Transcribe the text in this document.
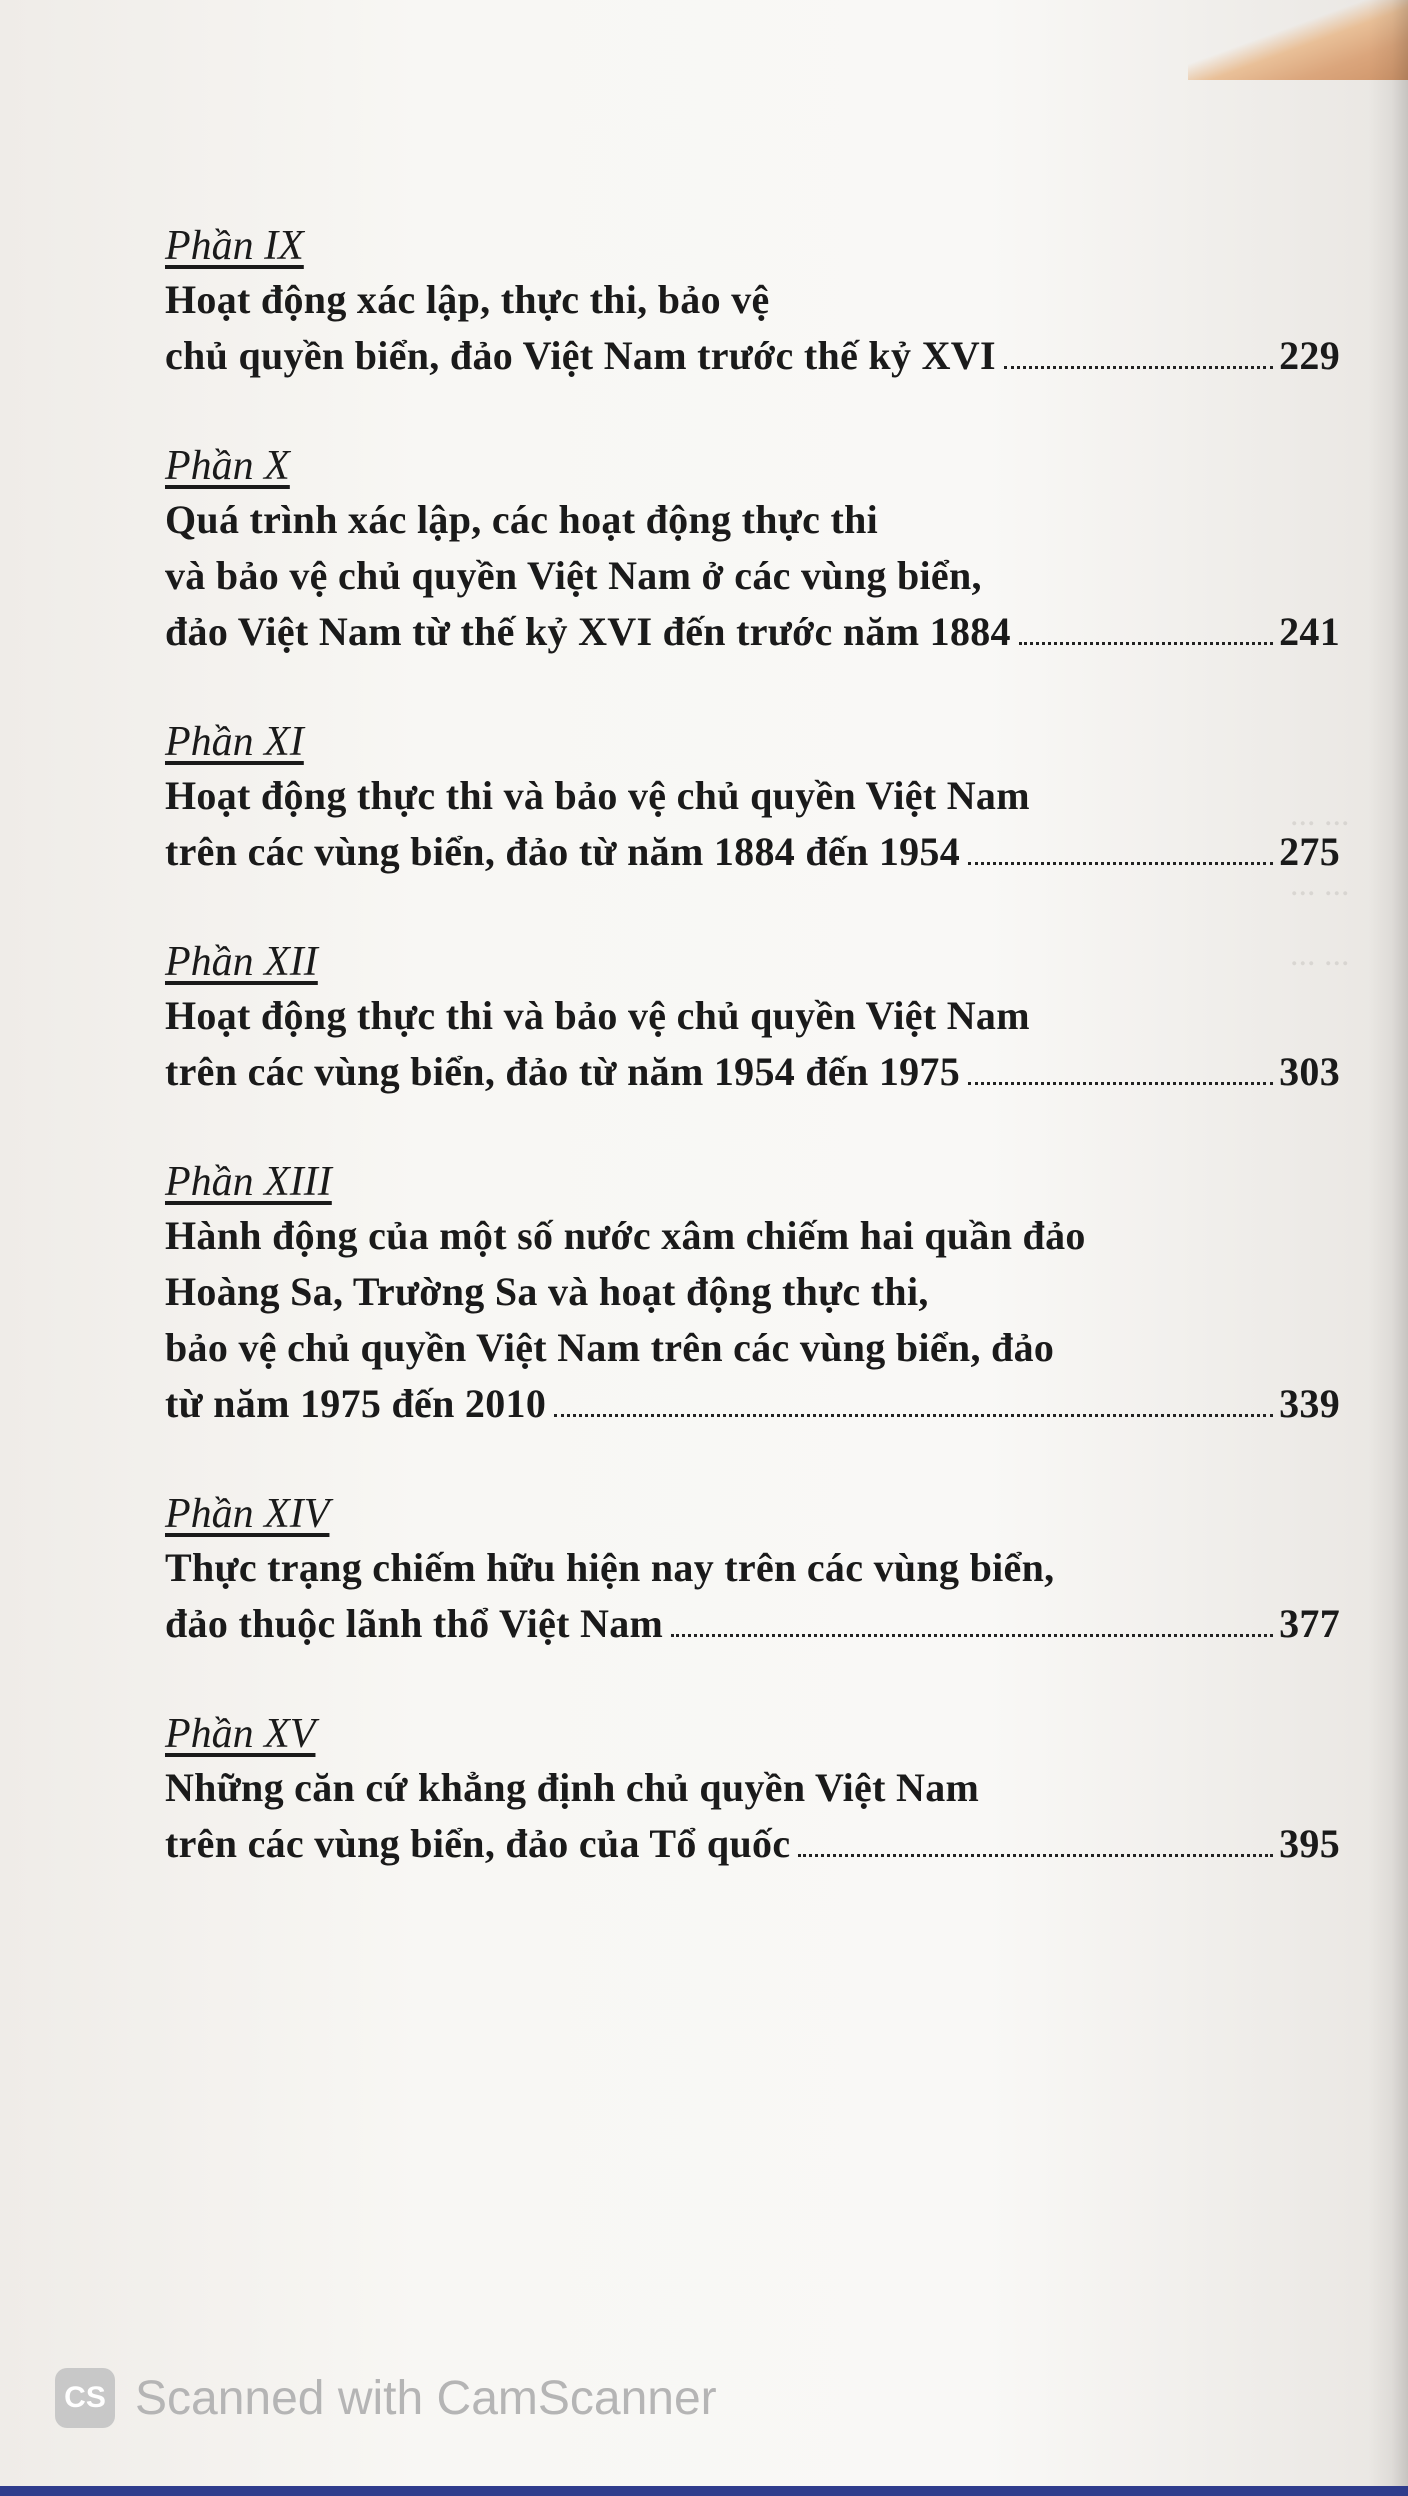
... ...
... ...
... ...
Phần IX
Hoạt động xác lập, thực thi, bảo vệ
chủ quyền biển, đảo Việt Nam trước thế kỷ XVI	229
Phần X
Quá trình xác lập, các hoạt động thực thi
và bảo vệ chủ quyền Việt Nam ở các vùng biển,
đảo Việt Nam từ thế kỷ XVI đến trước năm 1884	241
Phần XI
Hoạt động thực thi và bảo vệ chủ quyền Việt Nam
trên các vùng biển, đảo từ năm 1884 đến 1954	275
Phần XII
Hoạt động thực thi và bảo vệ chủ quyền Việt Nam
trên các vùng biển, đảo từ năm 1954 đến 1975	303
Phần XIII
Hành động của một số nước xâm chiếm hai quần đảo
Hoàng Sa, Trường Sa và hoạt động thực thi,
bảo vệ chủ quyền Việt Nam trên các vùng biển, đảo
từ năm 1975 đến 2010	339
Phần XIV
Thực trạng chiếm hữu hiện nay trên các vùng biển,
đảo thuộc lãnh thổ Việt Nam	377
Phần XV
Những căn cứ khẳng định chủ quyền Việt Nam
trên các vùng biển, đảo của Tổ quốc	395
CS Scanned with CamScanner
